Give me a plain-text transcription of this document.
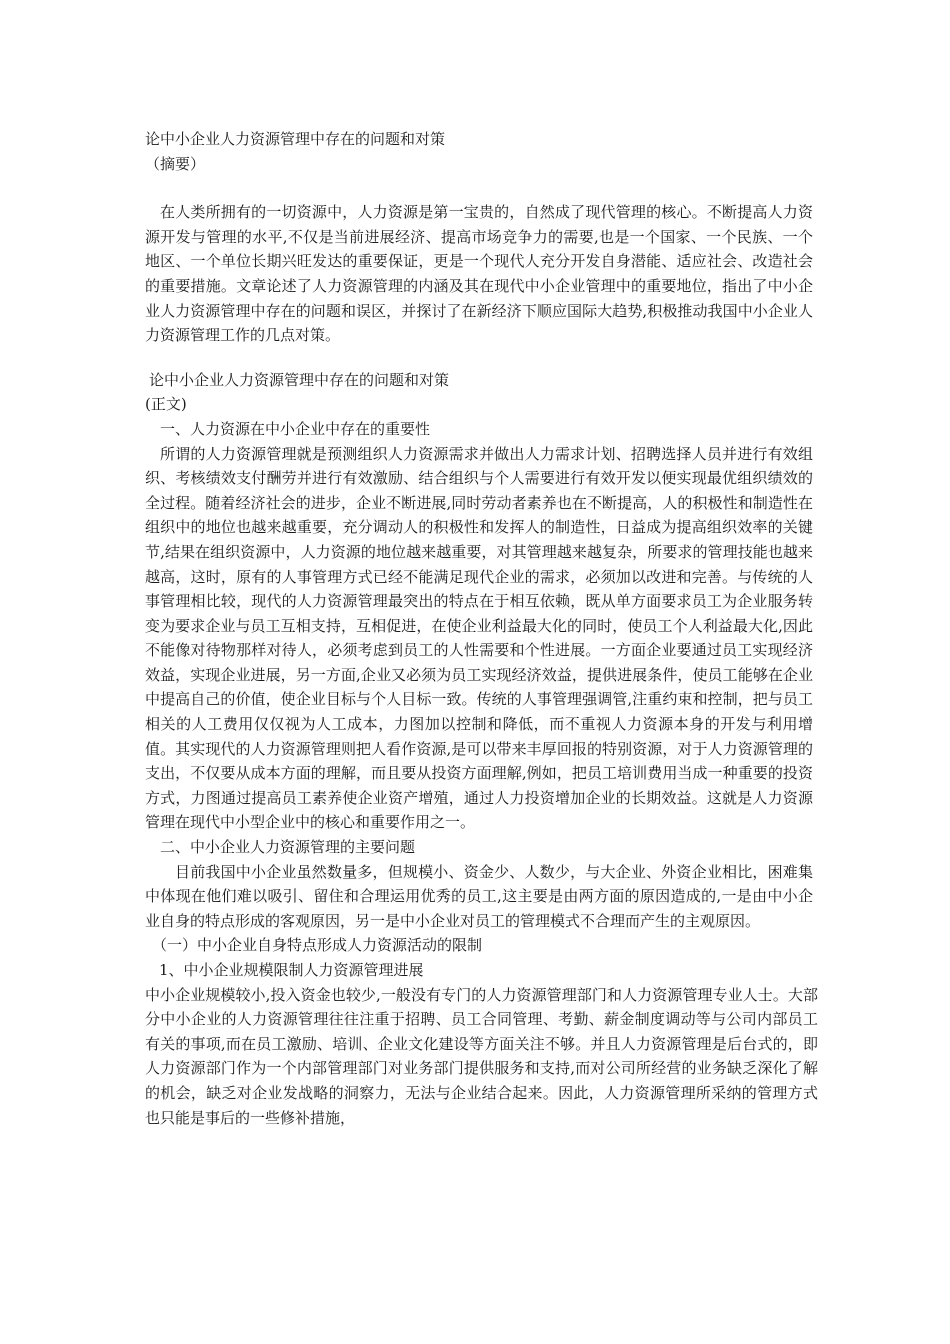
论中小企业人力资源管理中存在的问题和对策

（摘要）

在人类所拥有的一切资源中，人力资源是第一宝贵的，自然成了现代管理的核心。不断提高人力资源开发与管理的水平,不仅是当前进展经济、提高市场竞争力的需要,也是一个国家、一个民族、一个地区、一个单位长期兴旺发达的重要保证，更是一个现代人充分开发自身潜能、适应社会、改造社会的重要措施。文章论述了人力资源管理的内涵及其在现代中小企业管理中的重要地位，指出了中小企业人力资源管理中存在的问题和误区，并探讨了在新经济下顺应国际大趋势,积极推动我国中小企业人力资源管理工作的几点对策。

论中小企业人力资源管理中存在的问题和对策

(正文)

一、人力资源在中小企业中存在的重要性

所谓的人力资源管理就是预测组织人力资源需求并做出人力需求计划、招聘选择人员并进行有效组织、考核绩效支付酬劳并进行有效激励、结合组织与个人需要进行有效开发以便实现最优组织绩效的全过程。随着经济社会的进步，企业不断进展,同时劳动者素养也在不断提高，人的积极性和制造性在组织中的地位也越来越重要，充分调动人的积极性和发挥人的制造性，日益成为提高组织效率的关键节,结果在组织资源中，人力资源的地位越来越重要，对其管理越来越复杂，所要求的管理技能也越来越高，这时，原有的人事管理方式已经不能满足现代企业的需求，必须加以改进和完善。与传统的人事管理相比较，现代的人力资源管理最突出的特点在于相互依赖，既从单方面要求员工为企业服务转变为要求企业与员工互相支持，互相促进，在使企业利益最大化的同时，使员工个人利益最大化,因此不能像对待物那样对待人，必须考虑到员工的人性需要和个性进展。一方面企业要通过员工实现经济效益，实现企业进展，另一方面,企业又必须为员工实现经济效益，提供进展条件，使员工能够在企业中提高自己的价值，使企业目标与个人目标一致。传统的人事管理强调管,注重约束和控制，把与员工相关的人工费用仅仅视为人工成本，力图加以控制和降低，而不重视人力资源本身的开发与利用增值。其实现代的人力资源管理则把人看作资源,是可以带来丰厚回报的特别资源，对于人力资源管理的支出，不仅要从成本方面的理解，而且要从投资方面理解,例如，把员工培训费用当成一种重要的投资方式，力图通过提高员工素养使企业资产增殖，通过人力投资增加企业的长期效益。这就是人力资源管理在现代中小型企业中的核心和重要作用之一。

二、中小企业人力资源管理的主要问题

目前我国中小企业虽然数量多，但规模小、资金少、人数少，与大企业、外资企业相比，困难集中体现在他们难以吸引、留住和合理运用优秀的员工,这主要是由两方面的原因造成的,一是由中小企业自身的特点形成的客观原因，另一是中小企业对员工的管理模式不合理而产生的主观原因。

（一）中小企业自身特点形成人力资源活动的限制

1、中小企业规模限制人力资源管理进展

中小企业规模较小,投入资金也较少,一般没有专门的人力资源管理部门和人力资源管理专业人士。大部分中小企业的人力资源管理往往注重于招聘、员工合同管理、考勤、薪金制度调动等与公司内部员工有关的事项,而在员工激励、培训、企业文化建设等方面关注不够。并且人力资源管理是后台式的，即人力资源部门作为一个内部管理部门对业务部门提供服务和支持,而对公司所经营的业务缺乏深化了解的机会，缺乏对企业发战略的洞察力，无法与企业结合起来。因此，人力资源管理所采纳的管理方式也只能是事后的一些修补措施，
